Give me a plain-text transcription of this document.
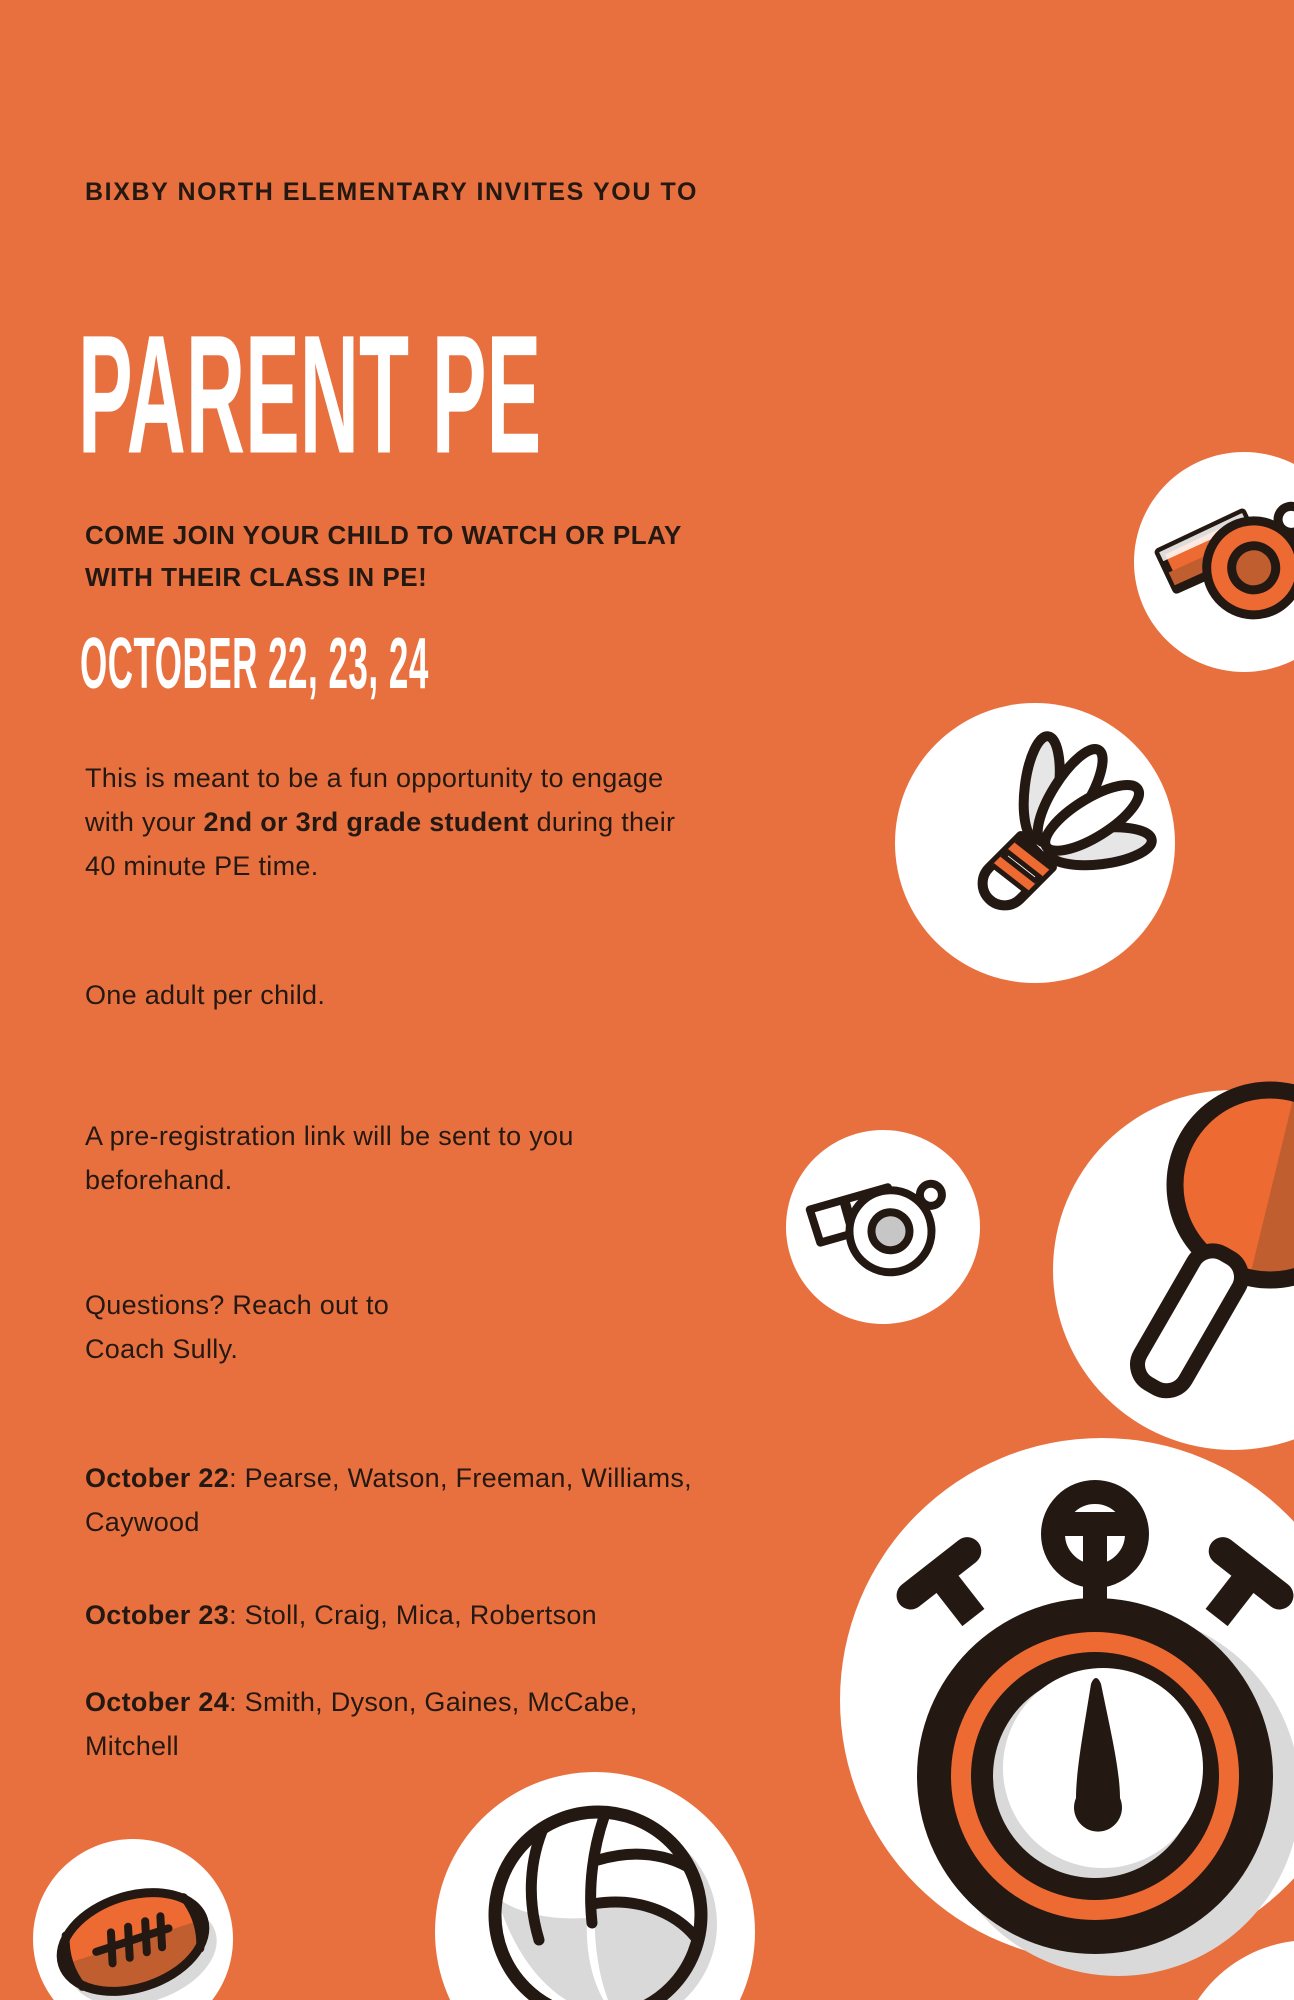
BIXBY NORTH ELEMENTARY INVITES YOU TO
PARENT PE
COME JOIN YOUR CHILD TO WATCH OR PLAY
WITH THEIR CLASS IN PE!
OCTOBER 22, 23, 24
This is meant to be a fun opportunity to engage
with your 2nd or 3rd grade student during their
40 minute PE time.
One adult per child.
A pre-registration link will be sent to you
beforehand.
Questions? Reach out to
Coach Sully.
October 22: Pearse, Watson, Freeman, Williams,
Caywood
October 23: Stoll, Craig, Mica, Robertson
October 24: Smith, Dyson, Gaines, McCabe,
Mitchell
